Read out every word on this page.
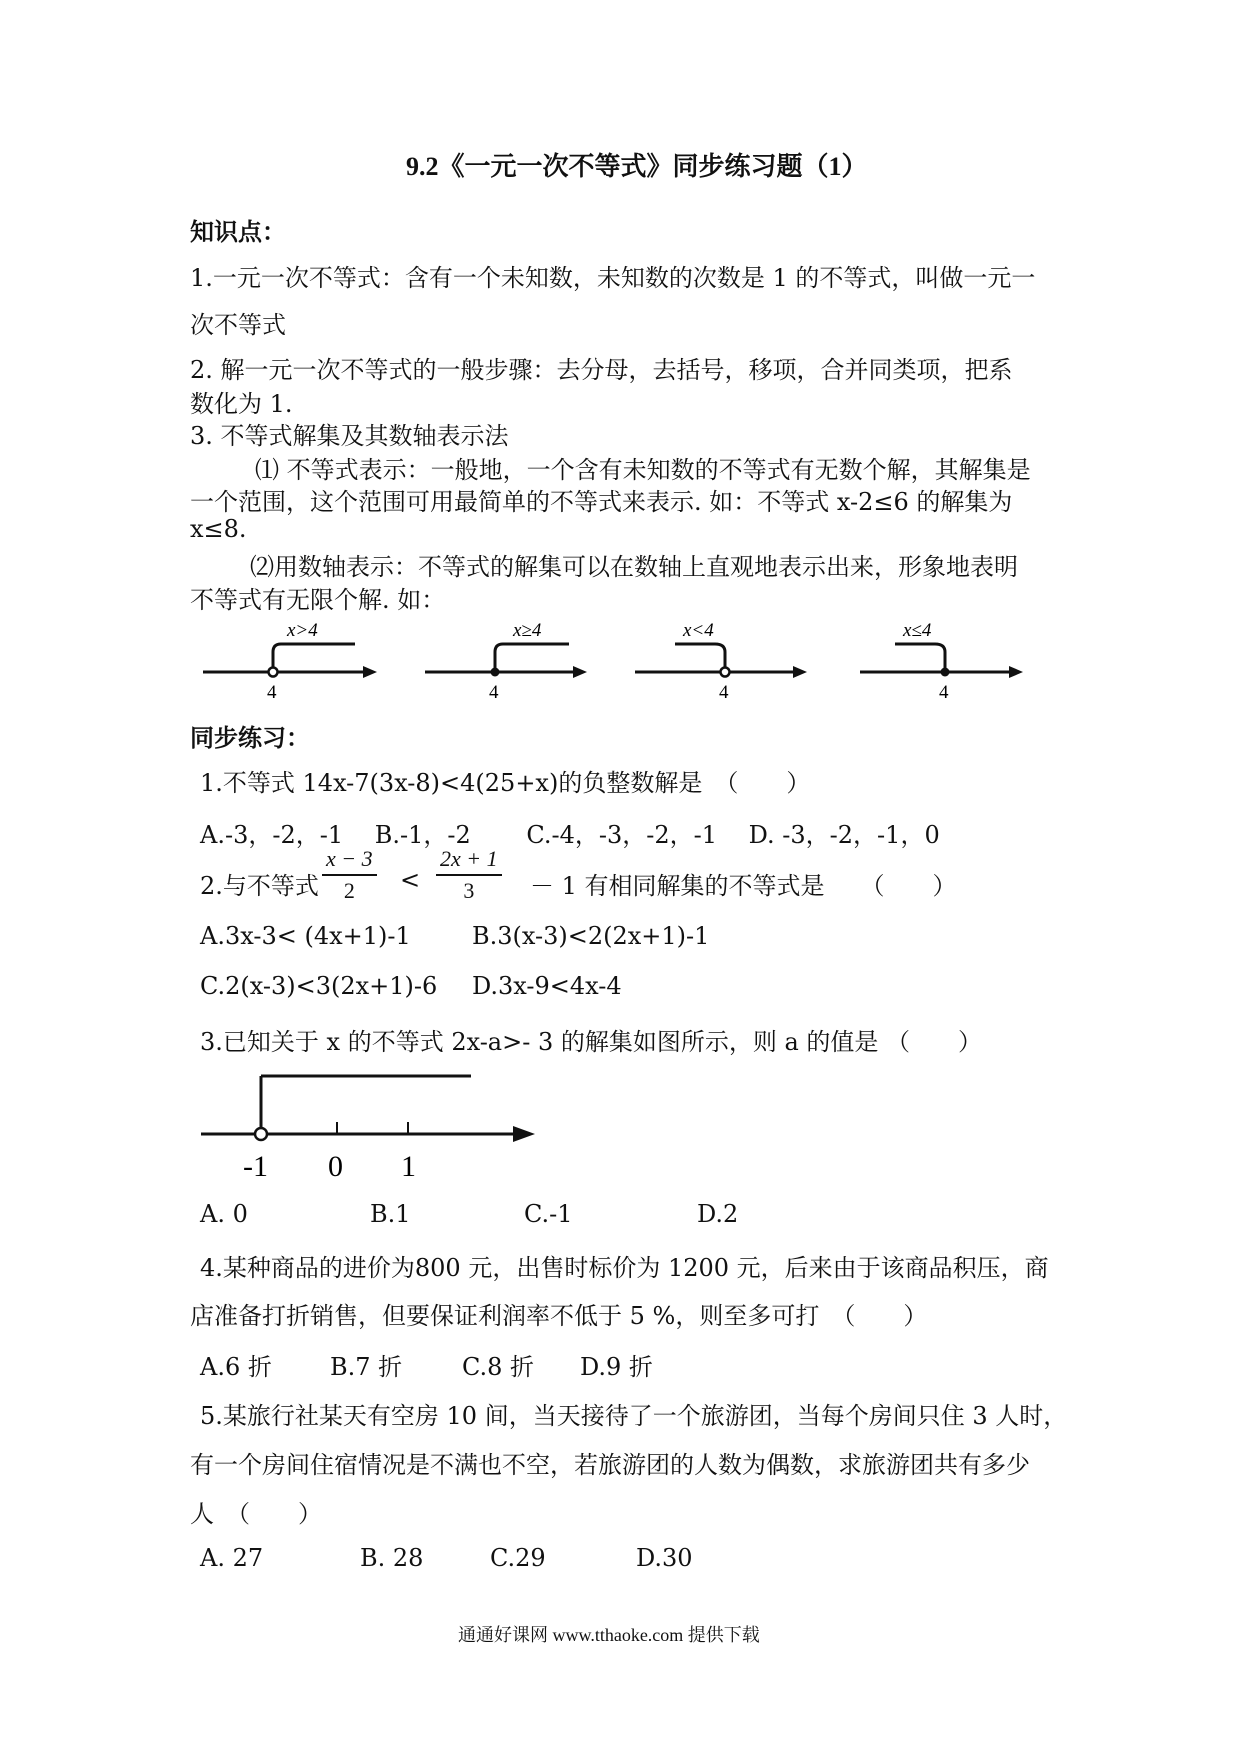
9.2《一元一次不等式》同步练习题（1）
知识点：
1.一元一次不等式：含有一个未知数，未知数的次数是 1 的不等式，叫做一元一
次不等式
2. 解一元一次不等式的一般步骤：去分母，去括号，移项，合并同类项，把系
数化为 1.
3. 不等式解集及其数轴表示法
⑴ 不等式表示：一般地，一个含有未知数的不等式有无数个解，其解集是
一个范围，这个范围可用最简单的不等式来表示. 如：不等式 x-2≤6 的解集为
x≤8.
⑵用数轴表示：不等式的解集可以在数轴上直观地表示出来，形象地表明
不等式有无限个解. 如：
x>4
4
x≥4
4
x<4
4
x≤4
4
同步练习：
1.不等式 14x-7(3x-8)<4(25+x)的负整数解是　（　　）
A.-3，-2，-1　 B.-1，-2　　 C.-4，-3，-2，-1　 D. -3，-2，-1，0
2.与不等式 $\frac{x - 3}{2} < \frac{2x + 1}{3} - 1$ 有相同解集的不等式是　　（　　）
A.3x-3< (4x+1)-1	B.3(x-3)<2(2x+1)-1
C.2(x-3)<3(2x+1)-6 D.3x-9<4x-4
3.已知关于 x 的不等式 2x-a>- 3 的解集如图所示，则 a 的值是 （　　）
-1 0 1
A. 0	B.1	C.-1	D.2
4.某种商品的进价为800 元，出售时标价为 1200 元，后来由于该商品积压，商
店准备打折销售，但要保证利润率不低于 5 %，则至多可打　（　　）
A.6 折 B.7 折 C.8 折 D.9 折
5.某旅行社某天有空房 10 间，当天接待了一个旅游团，当每个房间只住 3 人时，
有一个房间住宿情况是不满也不空，若旅游团的人数为偶数，求旅游团共有多少
人　（　　）
A. 27	B. 28	C.29	D.30
通通好课网 www.tthaoke.com 提供下载
